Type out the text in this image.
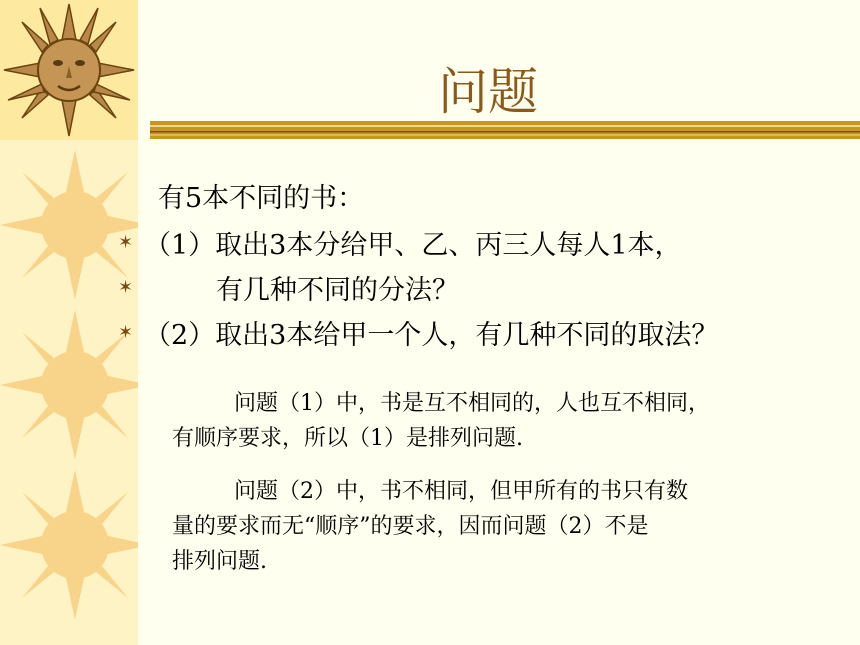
问题
有5本不同的书：
✶ （1）取出3本分给甲、乙、丙三人每人1本，
✶	有几种不同的分法？
✶ （2）取出3本给甲一个人，有几种不同的取法？
问题（1）中，书是互不相同的，人也互不相同，
有顺序要求，所以（1）是排列问题.
问题（2）中，书不相同，但甲所有的书只有数
量的要求而无“顺序”的要求，因而问题（2）不是
排列问题.
